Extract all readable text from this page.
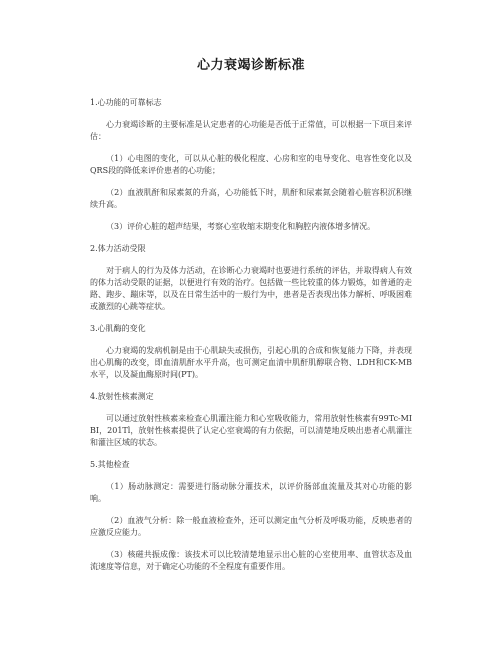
心力衰竭诊断标准

1.心功能的可靠标志

心力衰竭诊断的主要标准是认定患者的心功能是否低于正常值，可以根据一下项目来评估：

（1）心电图的变化，可以从心脏的极化程度、心房和室的电导变化、电容性变化以及QRS段的降低来评价患者的心功能；

（2）血液肌酐和尿素氮的升高，心功能低下时，肌酐和尿素氮会随着心脏容积沉积继续升高。

（3）评价心脏的超声结果，考察心室收缩末期变化和胸腔内液体增多情况。

2.体力活动受限

对于病人的行为及体力活动，在诊断心力衰竭时也要进行系统的评估，并取得病人有效的体力活动受限的证据，以便进行有效的治疗。包括做一些比较重的体力锻炼，如普通的走路、跑步、蹦床等，以及在日常生活中的一般行为中，患者是否表现出体力解析、呼吸困难或激烈的心跳等症状。

3.心肌酶的变化

心力衰竭的发病机制是由于心肌缺失或损伤，引起心肌的合成和恢复能力下降，并表现出心肌酶的改变，即血清肌酐水平升高，也可测定血清中肌酐肌醇联合物、LDH和CK-MB水平，以及凝血酶原时间(PT)。

4.放射性核素测定

可以通过放射性核素来检查心肌灌注能力和心室吸收能力，常用放射性核素有99Tc-MIBI，201Tl，放射性核素提供了认定心室衰竭的有力依据，可以清楚地反映出患者心肌灌注和灌注区域的状态。

5.其他检查

（1）肠动脉测定：需要进行肠动脉分灌技术，以评价肠部血流量及其对心功能的影响。

（2）血液气分析：除一般血液检查外，还可以测定血气分析及呼吸功能，反映患者的应激反应能力。

（3）核磁共振成像：该技术可以比较清楚地显示出心脏的心室使用率、血管状态及血流速度等信息，对于确定心功能的不全程度有重要作用。
